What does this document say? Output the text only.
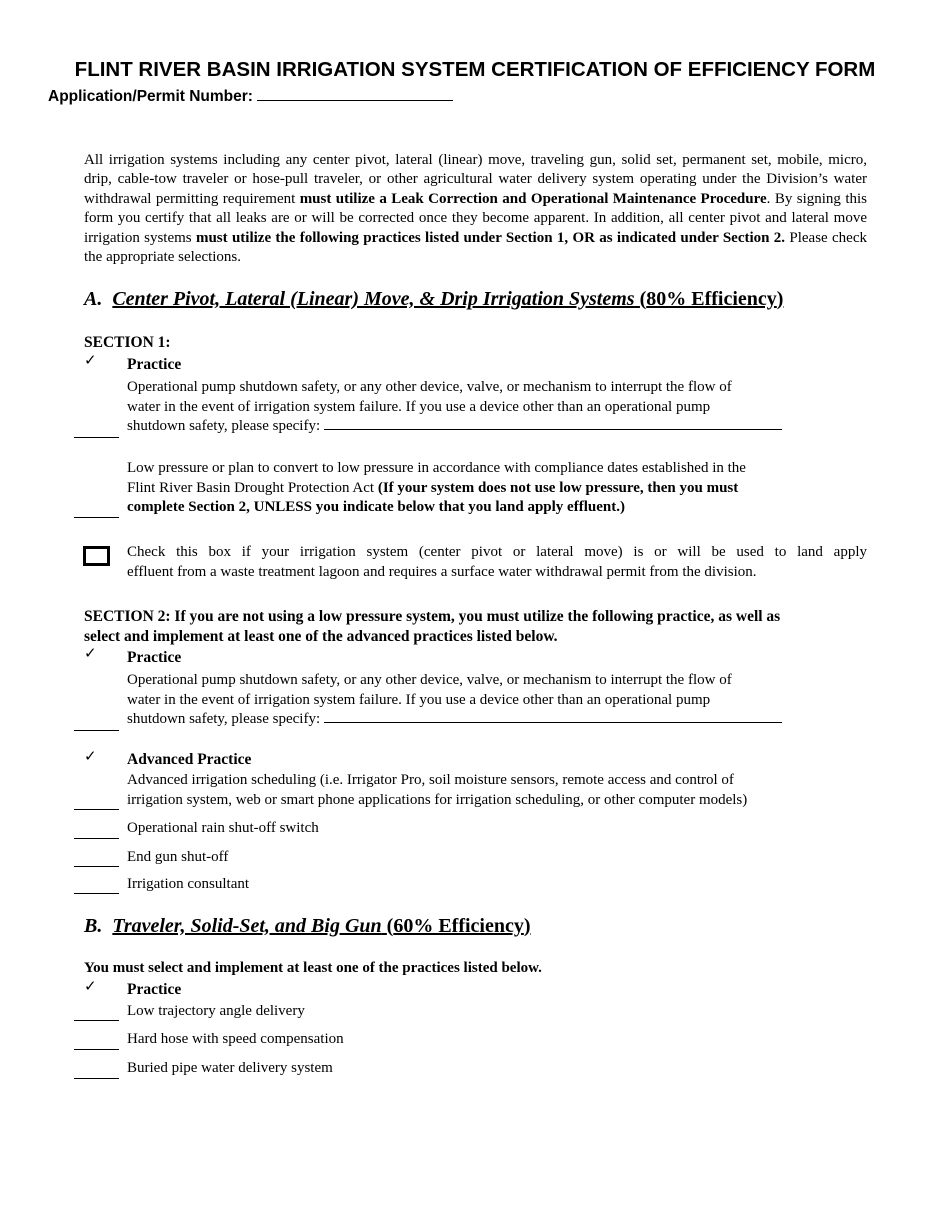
FLINT RIVER BASIN IRRIGATION SYSTEM CERTIFICATION OF EFFICIENCY FORM
Application/Permit Number:
All irrigation systems including any center pivot, lateral (linear) move, traveling gun, solid set, permanent set, mobile, micro, drip, cable-tow traveler or hose-pull traveler, or other agricultural water delivery system operating under the Division’s water withdrawal permitting requirement must utilize a Leak Correction and Operational Maintenance Procedure. By signing this form you certify that all leaks are or will be corrected once they become apparent. In addition, all center pivot and lateral move irrigation systems must utilize the following practices listed under Section 1, OR as indicated under Section 2. Please check the appropriate selections.
A. Center Pivot, Lateral (Linear) Move, & Drip Irrigation Systems (80% Efficiency)
SECTION 1:
✓ Practice
Operational pump shutdown safety, or any other device, valve, or mechanism to interrupt the flow of
water in the event of irrigation system failure. If you use a device other than an operational pump
shutdown safety, please specify:
Low pressure or plan to convert to low pressure in accordance with compliance dates established in the
Flint River Basin Drought Protection Act (If your system does not use low pressure, then you must
complete Section 2, UNLESS you indicate below that you land apply effluent.)
Check this box if your irrigation system (center pivot or lateral move) is or will be used to land apply
effluent from a waste treatment lagoon and requires a surface water withdrawal permit from the division.
SECTION 2: If you are not using a low pressure system, you must utilize the following practice, as well as
select and implement at least one of the advanced practices listed below.
✓ Practice
Operational pump shutdown safety, or any other device, valve, or mechanism to interrupt the flow of
water in the event of irrigation system failure. If you use a device other than an operational pump
shutdown safety, please specify:
✓ Advanced Practice
Advanced irrigation scheduling (i.e. Irrigator Pro, soil moisture sensors, remote access and control of
irrigation system, web or smart phone applications for irrigation scheduling, or other computer models)
Operational rain shut-off switch
End gun shut-off
Irrigation consultant
B. Traveler, Solid-Set, and Big Gun (60% Efficiency)
You must select and implement at least one of the practices listed below.
✓ Practice
Low trajectory angle delivery
Hard hose with speed compensation
Buried pipe water delivery system
